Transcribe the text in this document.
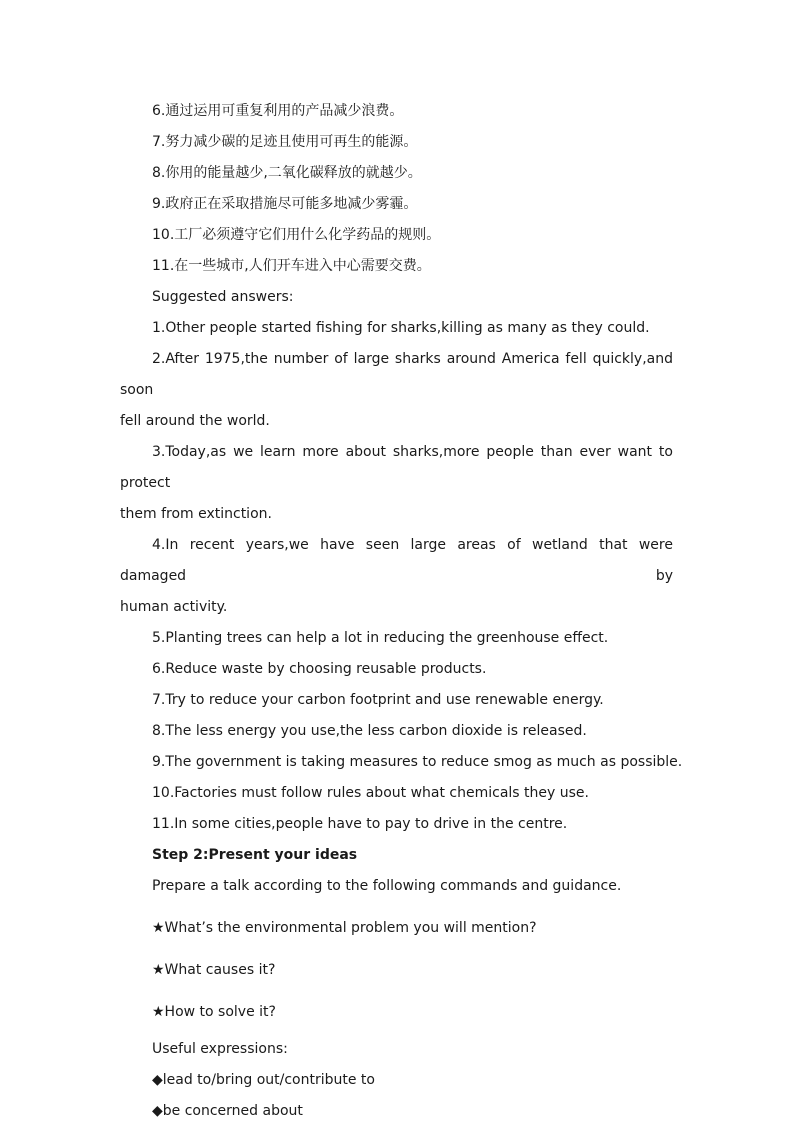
6.通过运用可重复利用的产品减少浪费。
7.努力减少碳的足迹且使用可再生的能源。
8.你用的能量越少,二氧化碳释放的就越少。
9.政府正在采取措施尽可能多地减少雾霾。
10.工厂必须遵守它们用什么化学药品的规则。
11.在一些城市,人们开车进入中心需要交费。
Suggested answers:
1.Other people started fishing for sharks,killing as many as they could.
2.After 1975,the number of large sharks around America fell quickly,and soon
fell around the world.
3.Today,as we learn more about sharks,more people than ever want to protect
them from extinction.
4.In recent years,we have seen large areas of wetland that were damaged by
human activity.
5.Planting trees can help a lot in reducing the greenhouse effect.
6.Reduce waste by choosing reusable products.
7.Try to reduce your carbon footprint and use renewable energy.
8.The less energy you use,the less carbon dioxide is released.
9.The government is taking measures to reduce smog as much as possible.
10.Factories must follow rules about what chemicals they use.
11.In some cities,people have to pay to drive in the centre.
Step 2:Present your ideas
Prepare a talk according to the following commands and guidance.
★What’s the environmental problem you will mention?
★What causes it?
★How to solve it?
Useful expressions:
◆lead to/bring out/contribute to
◆be concerned about
